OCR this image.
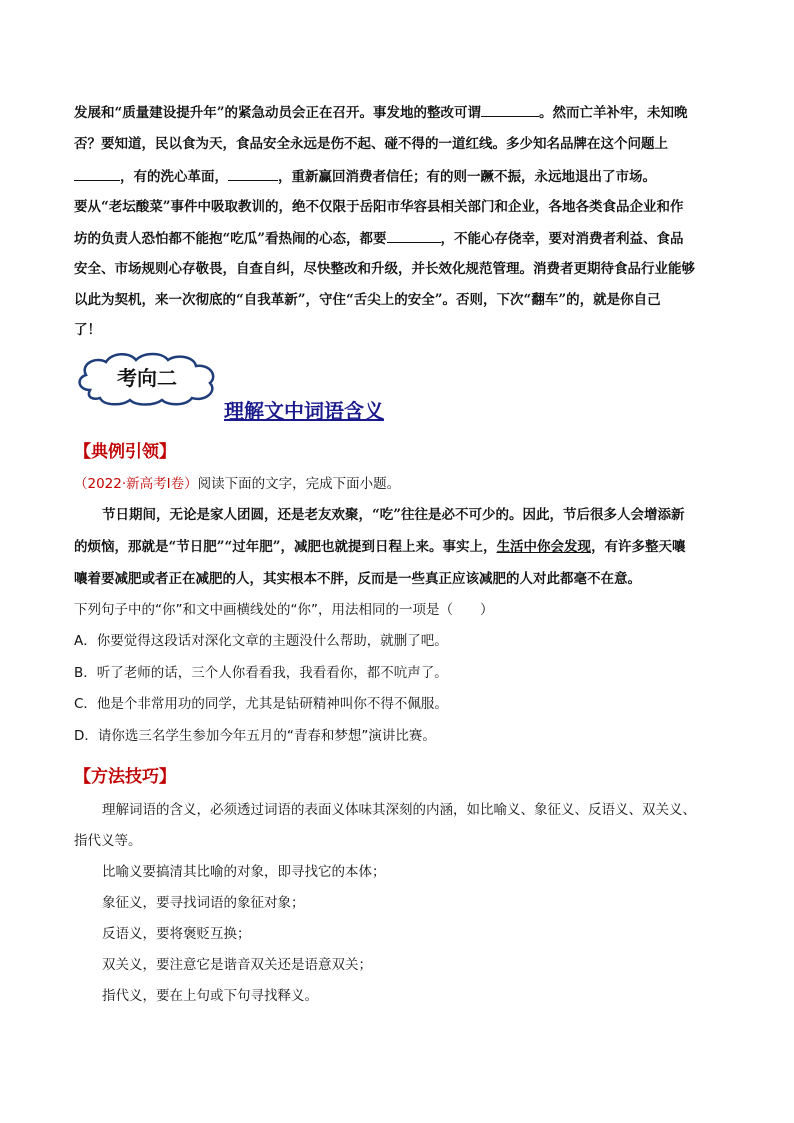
发展和“质量建设提升年”的紧急动员会正在召开。事发地的整改可谓	。然而亡羊补牢，未知晚
否？要知道，民以食为天，食品安全永远是伤不起、碰不得的一道红线。多少知名品牌在这个问题上
，有的洗心革面，	，重新赢回消费者信任；有的则一蹶不振，永远地退出了市场。
要从“老坛酸菜”事件中吸取教训的，绝不仅限于岳阳市华容县相关部门和企业，各地各类食品企业和作
坊的负责人恐怕都不能抱“吃瓜”看热闹的心态，都要	，不能心存侥幸，要对消费者利益、食品
安全、市场规则心存敬畏，自查自纠，尽快整改和升级，并长效化规范管理。消费者更期待食品行业能够
以此为契机，来一次彻底的“自我革新”，守住“舌尖上的安全”。否则，下次“翻车”的，就是你自己
了！
考向二
理解文中词语含义
【典例引领】
（2022·新高考Ⅰ卷）阅读下面的文字，完成下面小题。
节日期间，无论是家人团圆，还是老友欢聚，“吃”往往是必不可少的。因此，节后很多人会增添新
的烦恼，那就是“节日肥”“过年肥”，减肥也就提到日程上来。事实上，生活中你会发现，有许多整天嚷
嚷着要减肥或者正在减肥的人，其实根本不胖，反而是一些真正应该减肥的人对此都毫不在意。
下列句子中的“你”和文中画横线处的“你”，用法相同的一项是（　　）
A．你要觉得这段话对深化文章的主题没什么帮助，就删了吧。
B．听了老师的话，三个人你看看我，我看看你，都不吭声了。
C．他是个非常用功的同学，尤其是钻研精神叫你不得不佩服。
D．请你选三名学生参加今年五月的“青春和梦想”演讲比赛。
【方法技巧】
理解词语的含义，必须透过词语的表面义体味其深刻的内涵，如比喻义、象征义、反语义、双关义、
指代义等。
比喻义要搞清其比喻的对象，即寻找它的本体；
象征义，要寻找词语的象征对象；
反语义，要将褒贬互换；
双关义，要注意它是谐音双关还是语意双关；
指代义，要在上句或下句寻找释义。
